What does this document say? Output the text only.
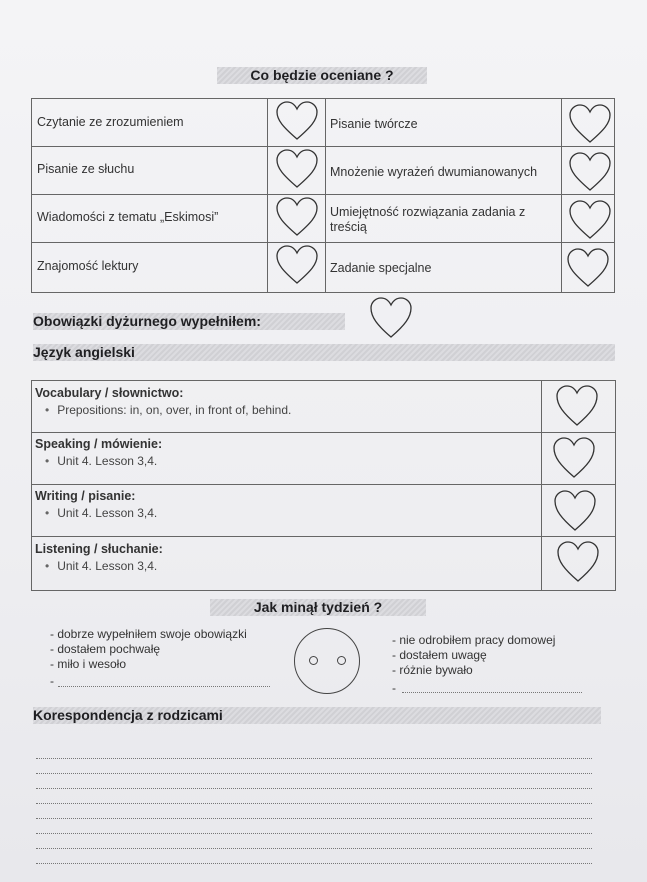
Co będzie oceniane ?
Czytanie ze zrozumieniem	Pisanie twórcze
Pisanie ze słuchu	Mnożenie wyrażeń dwumianowanych
Wiadomości z tematu „Eskimosi”	Umiejętność rozwiązania zadania z treścią
Znajomość lektury	Zadanie specjalne
Obowiązki dyżurnego wypełniłem:
Język angielski
Vocabulary / słownictwo:
• Prepositions: in, on, over, in front of, behind.
Speaking / mówienie:
• Unit 4. Lesson 3,4.
Writing / pisanie:
• Unit 4. Lesson 3,4.
Listening / słuchanie:
• Unit 4. Lesson 3,4.
Jak minął tydzień ?
- dobrze wypełniłem swoje obowiązki
- dostałem pochwałę
- miło i wesoło
-
- nie odrobiłem pracy domowej
- dostałem uwagę
- różnie bywało
-
Korespondencja z rodzicami
